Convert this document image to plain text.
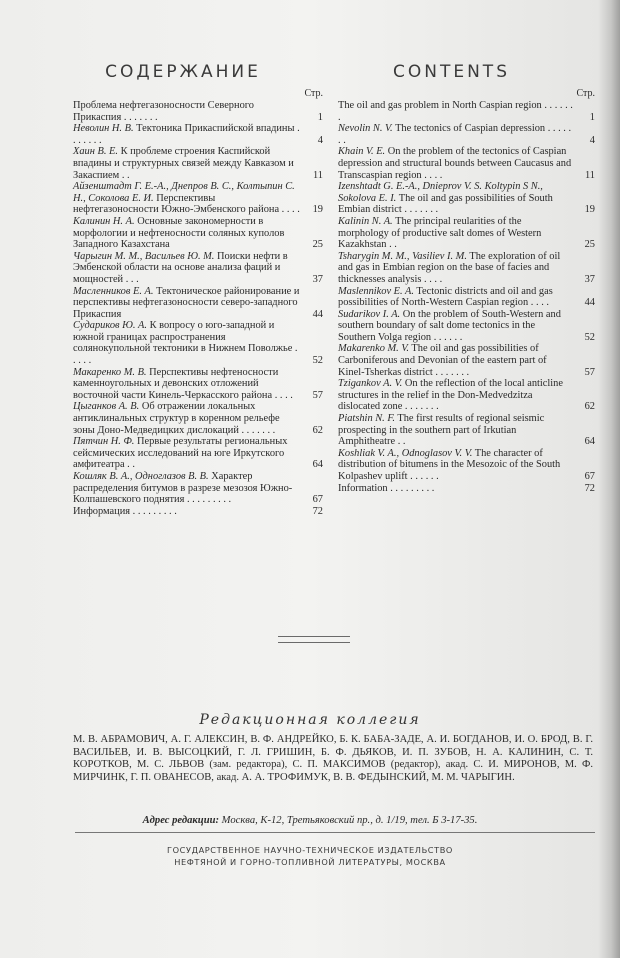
СОДЕРЖАНИЕ
Стр.
Проблема нефтегазоносности Северного Прикаспия . . . . . . .	1
Неволин Н. В. Тектоника Прикаспийской впадины . . . . . . .	4
Хаин В. Е. К проблеме строения Каспийской впадины и структурных связей между Кавказом и Закаспием . .	11
Айзенштадт Г. Е.-А., Днепров В. С., Колтыпин С. Н., Соколова Е. И. Перспективы нефтегазоносности Южно-Эмбенского района . . . .	19
Калинин Н. А. Основные закономерности в морфологии и нефтеносности соляных куполов Западного Казахстана	25
Чарыгин М. М., Васильев Ю. М. Поиски нефти в Эмбенской области на основе анализа фаций и мощностей . . .	37
Масленников Е. А. Тектоническое районирование и перспективы нефтегазоносности северо-западного Прикаспия	44
Судариков Ю. А. К вопросу о юго-западной и южной границах распространения солянокупольной тектоники в Нижнем Поволжье . . . . .	52
Макаренко М. В. Перспективы нефтеносности каменноугольных и девонских отложений восточной части Кинель-Черкасского района . . . .	57
Цыганков А. В. Об отражении локальных антиклинальных структур в коренном рельефе зоны Доно-Медведицких дислокаций . . . . . . .	62
Пятчин Н. Ф. Первые результаты региональных сейсмических исследований на юге Иркутского амфитеатра . .	64
Кошляк В. А., Одноглазов В. В. Характер распределения битумов в разрезе мезозоя Южно-Колпашевского поднятия . . . . . . . . .	67
Информация . . . . . . . . .	72
CONTENTS
Стр.
The oil and gas problem in North Caspian region . . . . . . .	1
Nevolin N. V. The tectonics of Caspian depression . . . . . . .	4
Khain V. E. On the problem of the tectonics of Caspian depression and structural bounds between Caucasus and Transcaspian region . . . .	11
Izenshtadt G. E.-A., Dnieprov V. S. Koltypin S N., Sokolova E. I. The oil and gas possibilities of South Embian district . . . . . . .	19
Kalinin N. A. The principal reularities of the morphology of productive salt domes of Western Kazakhstan . .	25
Tsharygin M. M., Vasiliev I. M. The exploration of oil and gas in Embian region on the base of facies and thicknesses analysis . . . .	37
Maslennikov E. A. Tectonic districts and oil and gas possibilities of North-Western Caspian region . . . .	44
Sudarikov I. A. On the problem of South-Western and southern boundary of salt dome tectonics in the Southern Volga region . . . . . .	52
Makarenko M. V. The oil and gas possibilities of Carboniferous and Devonian of the eastern part of Kinel-Tsherkas district . . . . . . .	57
Tzigankov A. V. On the reflection of the local anticline structures in the relief in the Don-Medvedzitza dislocated zone . . . . . . .	62
Piatshin N. F. The first results of regional seismic prospecting in the southern part of Irkutian Amphitheatre . .	64
Koshliak V. A., Odnoglasov V. V. The character of distribution of bitumens in the Mesozoic of the South Kolpashev uplift . . . . . .	67
Information . . . . . . . . .	72
Редакционная коллегия
М. В. АБРАМОВИЧ, А. Г. АЛЕКСИН, В. Ф. АНДРЕЙКО, Б. К. БАБА-ЗАДЕ, А. И. БОГДАНОВ, И. О. БРОД, В. Г. ВАСИЛЬЕВ, И. В. ВЫСОЦКИЙ, Г. Л. ГРИШИН, Б. Ф. ДЬЯКОВ, И. П. ЗУБОВ, Н. А. КАЛИНИН, С. Т. КОРОТКОВ, М. С. ЛЬВОВ (зам. редактора), С. П. МАКСИМОВ (редактор), акад. С. И. МИРОНОВ, М. Ф. МИРЧИНК, Г. П. ОВАНЕСОВ, акад. А. А. ТРОФИМУК, В. В. ФЕДЫНСКИЙ, М. М. ЧАРЫГИН.
Адрес редакции: Москва, К-12, Третьяковский пр., д. 1/19, тел. Б 3-17-35.
ГОСУДАРСТВЕННОЕ НАУЧНО-ТЕХНИЧЕСКОЕ ИЗДАТЕЛЬСТВО
НЕФТЯНОЙ И ГОРНО-ТОПЛИВНОЙ ЛИТЕРАТУРЫ, МОСКВА
